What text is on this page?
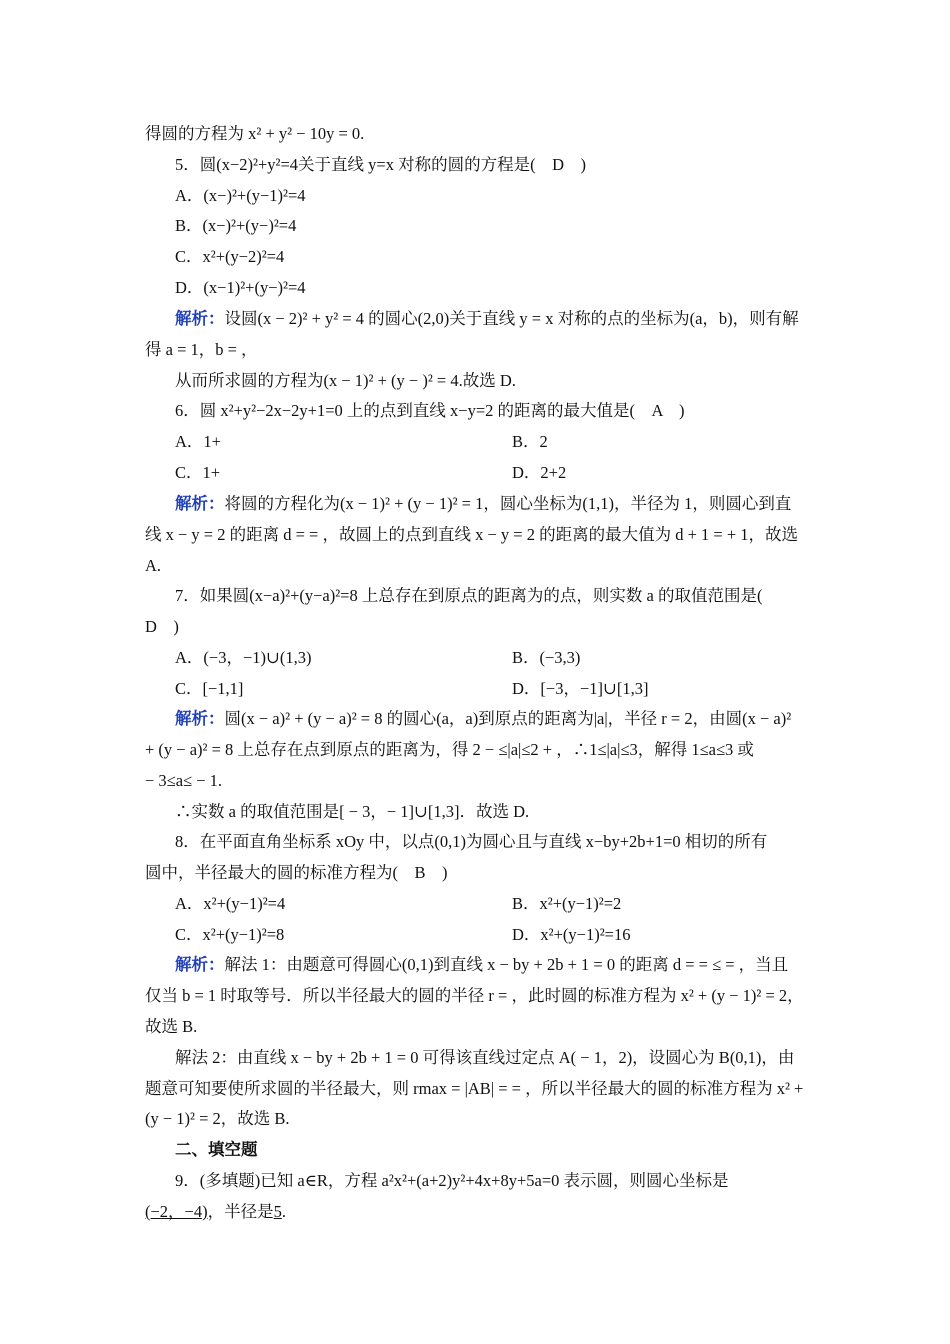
得圆的方程为 x² + y² − 10y = 0.
5．圆(x−2)²+y²=4关于直线 y=x 对称的圆的方程是(　D　)
A．(x−)²+(y−1)²=4
B．(x−)²+(y−)²=4
C．x²+(y−2)²=4
D．(x−1)²+(y−)²=4
解析：设圆(x − 2)² + y² = 4 的圆心(2,0)关于直线 y = x 对称的点的坐标为(a，b)，则有解
得 a = 1，b = ，
从而所求圆的方程为(x − 1)² + (y − )² = 4.故选 D.
6．圆 x²+y²−2x−2y+1=0 上的点到直线 x−y=2 的距离的最大值是(　A　)
A．1+	B．2
C．1+	D．2+2
解析：将圆的方程化为(x − 1)² + (y − 1)² = 1，圆心坐标为(1,1)，半径为 1，则圆心到直
线 x − y = 2 的距离 d = = ，故圆上的点到直线 x − y = 2 的距离的最大值为 d + 1 = + 1，故选
A.
7．如果圆(x−a)²+(y−a)²=8 上总存在到原点的距离为的点，则实数 a 的取值范围是(
D　)
A．(−3，−1)∪(1,3)	B．(−3,3)
C．[−1,1]	D．[−3，−1]∪[1,3]
解析：圆(x − a)² + (y − a)² = 8 的圆心(a，a)到原点的距离为|a|，半径 r = 2，由圆(x − a)²
+ (y − a)² = 8 上总存在点到原点的距离为，得 2 − ≤|a|≤2 + ，∴1≤|a|≤3，解得 1≤a≤3 或
− 3≤a≤ − 1.
∴实数 a 的取值范围是[ − 3，− 1]∪[1,3]．故选 D.
8．在平面直角坐标系 xOy 中，以点(0,1)为圆心且与直线 x−by+2b+1=0 相切的所有
圆中，半径最大的圆的标准方程为(　B　)
A．x²+(y−1)²=4	B．x²+(y−1)²=2
C．x²+(y−1)²=8	D．x²+(y−1)²=16
解析：解法 1：由题意可得圆心(0,1)到直线 x − by + 2b + 1 = 0 的距离 d = = ≤ = ，当且
仅当 b = 1 时取等号．所以半径最大的圆的半径 r = ，此时圆的标准方程为 x² + (y − 1)² = 2，
故选 B.
解法 2：由直线 x − by + 2b + 1 = 0 可得该直线过定点 A( − 1，2)，设圆心为 B(0,1)，由
题意可知要使所求圆的半径最大，则 rmax = |AB| = = ，所以半径最大的圆的标准方程为 x² +
(y − 1)² = 2，故选 B.
二、填空题
9．(多填题)已知 a∈R，方程 a²x²+(a+2)y²+4x+8y+5a=0 表示圆，则圆心坐标是
(−2，−4)，半径是5.
